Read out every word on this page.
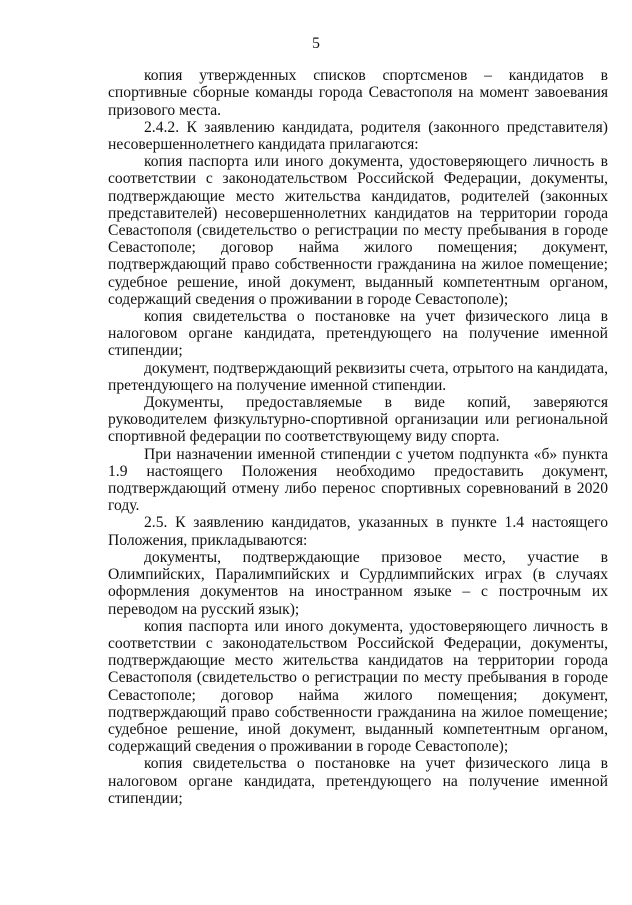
5

копия утвержденных списков спортсменов – кандидатов в спортивные сборные команды города Севастополя на момент завоевания призового места.

2.4.2. К заявлению кандидата, родителя (законного представителя) несовершеннолетнего кандидата прилагаются:

копия паспорта или иного документа, удостоверяющего личность в соответствии с законодательством Российской Федерации, документы, подтверждающие место жительства кандидатов, родителей (законных представителей) несовершеннолетних кандидатов на территории города Севастополя (свидетельство о регистрации по месту пребывания в городе Севастополе; договор найма жилого помещения; документ, подтверждающий право собственности гражданина на жилое помещение; судебное решение, иной документ, выданный компетентным органом, содержащий сведения о проживании в городе Севастополе);

копия свидетельства о постановке на учет физического лица в налоговом органе кандидата, претендующего на получение именной стипендии;

документ, подтверждающий реквизиты счета, отрытого на кандидата, претендующего на получение именной стипендии.

Документы, предоставляемые в виде копий, заверяются руководителем физкультурно-спортивной организации или региональной спортивной федерации по соответствующему виду спорта.

При назначении именной стипендии с учетом подпункта «б» пункта 1.9 настоящего Положения необходимо предоставить документ, подтверждающий отмену либо перенос спортивных соревнований в 2020 году.

2.5. К заявлению кандидатов, указанных в пункте 1.4 настоящего Положения, прикладываются:

документы, подтверждающие призовое место, участие в Олимпийских, Паралимпийских и Сурдлимпийских играх (в случаях оформления документов на иностранном языке – с построчным их переводом на русский язык);

копия паспорта или иного документа, удостоверяющего личность в соответствии с законодательством Российской Федерации, документы, подтверждающие место жительства кандидатов на территории города Севастополя (свидетельство о регистрации по месту пребывания в городе Севастополе; договор найма жилого помещения; документ, подтверждающий право собственности гражданина на жилое помещение; судебное решение, иной документ, выданный компетентным органом, содержащий сведения о проживании в городе Севастополе);

копия свидетельства о постановке на учет физического лица в налоговом органе кандидата, претендующего на получение именной стипендии;
